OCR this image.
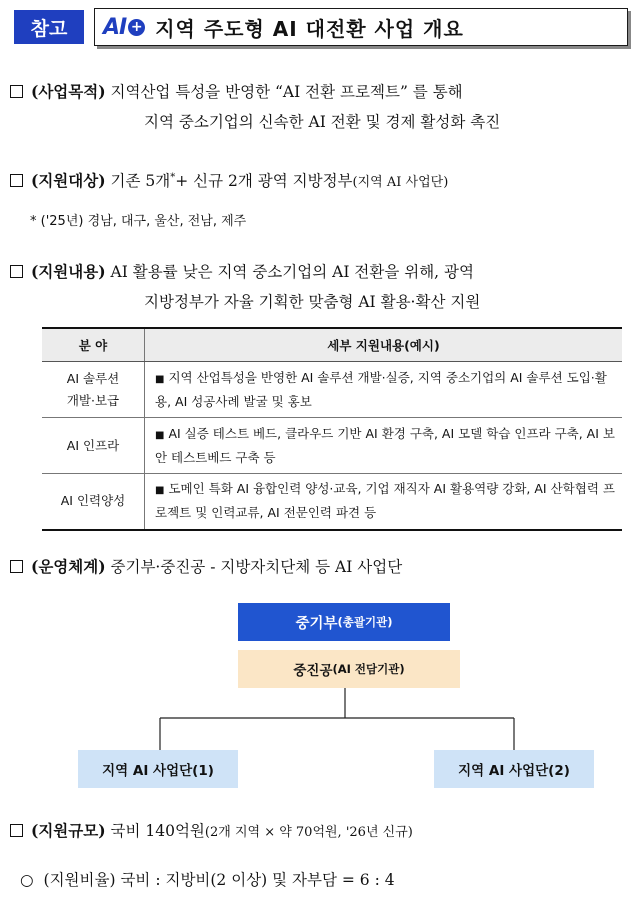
참고	AI + 지역 주도형 AI 대전환 사업 개요
(사업목적) 지역산업 특성을 반영한 “AI 전환 프로젝트” 를 통해
지역 중소기업의 신속한 AI 전환 및 경제 활성화 촉진
(지원대상) 기존 5개*+ 신규 2개 광역 지방정부(지역 AI 사업단)
* ('25년) 경남, 대구, 울산, 전남, 제주
(지원내용) AI 활용률 낮은 지역 중소기업의 AI 전환을 위해, 광역
지방정부가 자율 기획한 맞춤형 AI 활용·확산 지원
분 야	세부 지원내용(예시)
AI 솔루션
개발·보급	■ 지역 산업특성을 반영한 AI 솔루션 개발·실증, 지역 중소기업의 AI 솔루션 도입·활용, AI 성공사례 발굴 및 홍보
AI 인프라	■ AI 실증 테스트 베드, 클라우드 기반 AI 환경 구축, AI 모델 학습 인프라 구축, AI 보안 테스트베드 구축 등
AI 인력양성	■ 도메인 특화 AI 융합인력 양성·교육, 기업 재직자 AI 활용역량 강화, AI 산학협력 프로젝트 및 인력교류, AI 전문인력 파견 등
(운영체계) 중기부·중진공 - 지방자치단체 등 AI 사업단
중기부 (총괄기관)
중진공 (AI 전담기관)
지역 AI 사업단(1)	지역 AI 사업단(2)
(지원규모) 국비 140억원(2개 지역 × 약 70억원, '26년 신규)
○ (지원비율) 국비 : 지방비(2 이상) 및 자부담 = 6 : 4
